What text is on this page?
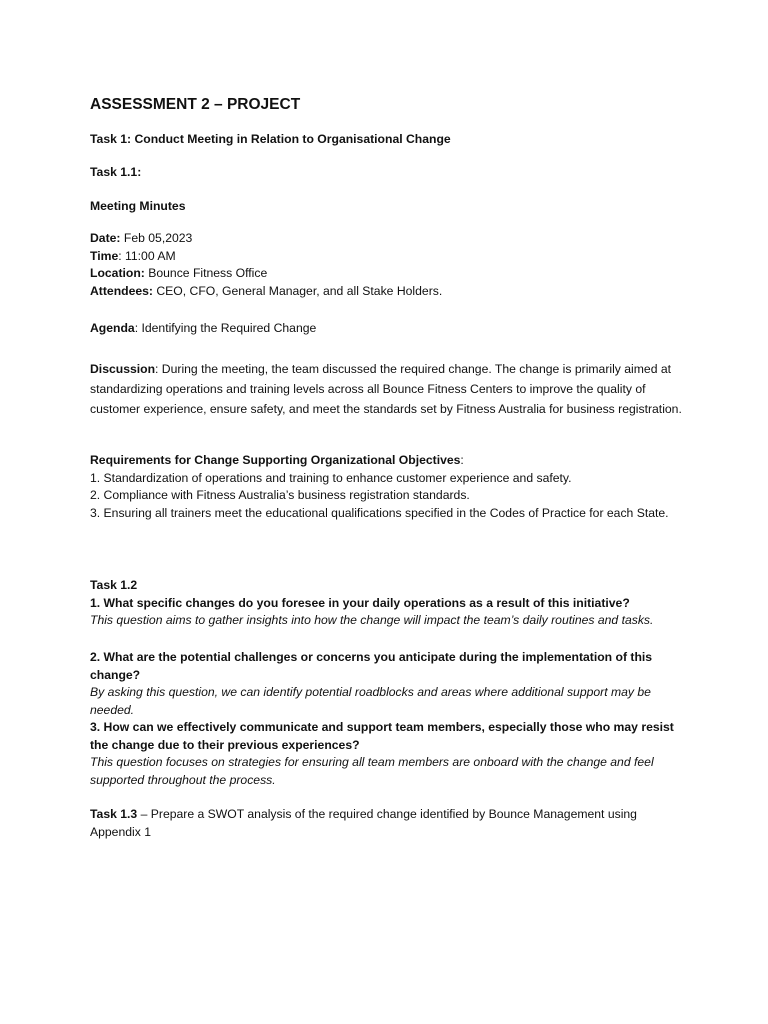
ASSESSMENT 2 – PROJECT

Task 1: Conduct Meeting in Relation to Organisational Change

Task 1.1:

Meeting Minutes

Date: Feb 05,2023

Time: 11:00 AM

Location: Bounce Fitness Office

Attendees: CEO, CFO, General Manager, and all Stake Holders.

Agenda: Identifying the Required Change

Discussion: During the meeting, the team discussed the required change. The change is primarily aimed at standardizing operations and training levels across all Bounce Fitness Centers to improve the quality of customer experience, ensure safety, and meet the standards set by Fitness Australia for business registration.

Requirements for Change Supporting Organizational Objectives:

1. Standardization of operations and training to enhance customer experience and safety.

2. Compliance with Fitness Australia’s business registration standards.

3. Ensuring all trainers meet the educational qualifications specified in the Codes of Practice for each State.

Task 1.2

1. What specific changes do you foresee in your daily operations as a result of this initiative?

This question aims to gather insights into how the change will impact the team’s daily routines and tasks.

2. What are the potential challenges or concerns you anticipate during the implementation of this change?

By asking this question, we can identify potential roadblocks and areas where additional support may be needed.

3. How can we effectively communicate and support team members, especially those who may resist the change due to their previous experiences?

This question focuses on strategies for ensuring all team members are onboard with the change and feel supported throughout the process.

Task 1.3 – Prepare a SWOT analysis of the required change identified by Bounce Management using Appendix 1
